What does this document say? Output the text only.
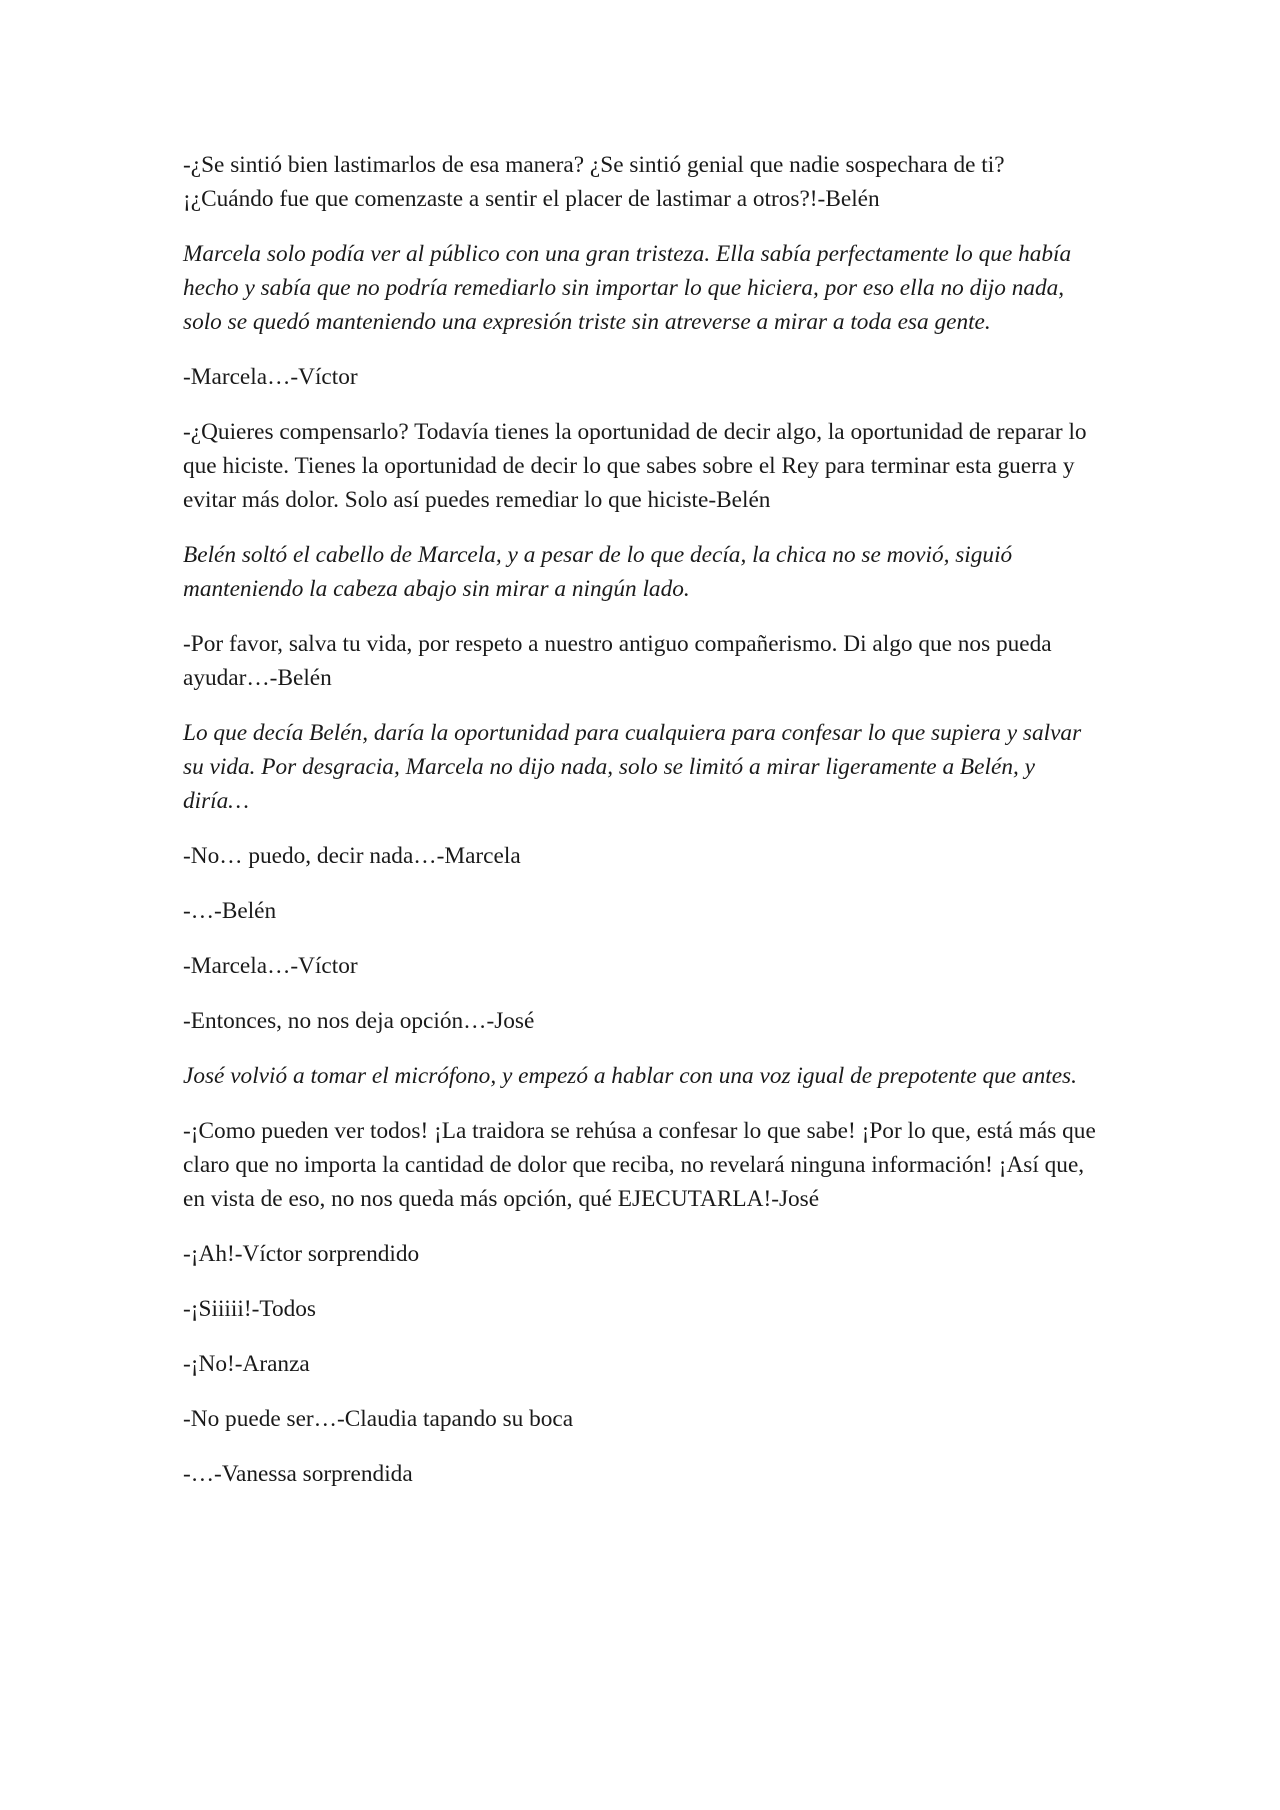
-¿Se sintió bien lastimarlos de esa manera? ¿Se sintió genial que nadie sospechara de ti? ¡¿Cuándo fue que comenzaste a sentir el placer de lastimar a otros?!-Belén

Marcela solo podía ver al público con una gran tristeza. Ella sabía perfectamente lo que había hecho y sabía que no podría remediarlo sin importar lo que hiciera, por eso ella no dijo nada, solo se quedó manteniendo una expresión triste sin atreverse a mirar a toda esa gente.

-Marcela…-Víctor

-¿Quieres compensarlo? Todavía tienes la oportunidad de decir algo, la oportunidad de reparar lo que hiciste. Tienes la oportunidad de decir lo que sabes sobre el Rey para terminar esta guerra y evitar más dolor. Solo así puedes remediar lo que hiciste-Belén

Belén soltó el cabello de Marcela, y a pesar de lo que decía, la chica no se movió, siguió manteniendo la cabeza abajo sin mirar a ningún lado.

-Por favor, salva tu vida, por respeto a nuestro antiguo compañerismo. Di algo que nos pueda ayudar…-Belén

Lo que decía Belén, daría la oportunidad para cualquiera para confesar lo que supiera y salvar su vida. Por desgracia, Marcela no dijo nada, solo se limitó a mirar ligeramente a Belén, y diría…

-No… puedo, decir nada…-Marcela

-…-Belén

-Marcela…-Víctor

-Entonces, no nos deja opción…-José

José volvió a tomar el micrófono, y empezó a hablar con una voz igual de prepotente que antes.

-¡Como pueden ver todos! ¡La traidora se rehúsa a confesar lo que sabe! ¡Por lo que, está más que claro que no importa la cantidad de dolor que reciba, no revelará ninguna información! ¡Así que, en vista de eso, no nos queda más opción, qué EJECUTARLA!-José

-¡Ah!-Víctor sorprendido

-¡Siiiii!-Todos

-¡No!-Aranza

-No puede ser…-Claudia tapando su boca

-…-Vanessa sorprendida
